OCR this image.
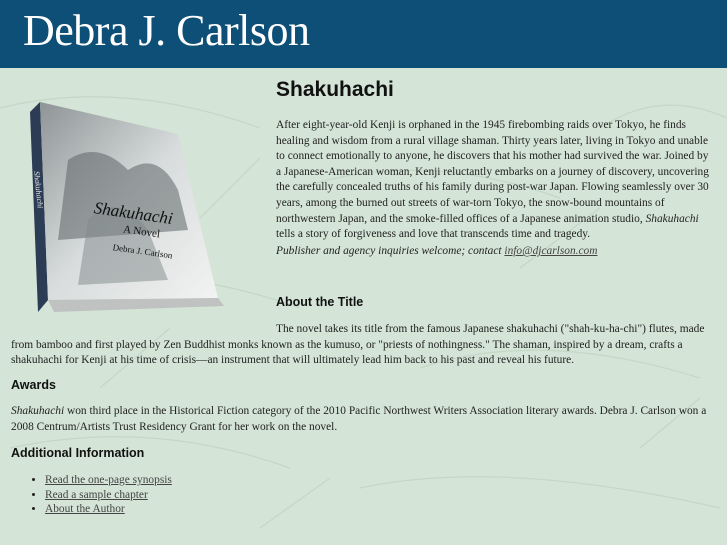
Debra J. Carlson
Shakuhachi
A Novel
Debra J. Carlson
Shakuhachi
Shakuhachi

After eight-year-old Kenji is orphaned in the 1945 firebombing raids over Tokyo, he finds healing and wisdom from a rural village shaman. Thirty years later, living in Tokyo and unable to connect emotionally to anyone, he discovers that his mother had survived the war. Joined by a Japanese-American woman, Kenji reluctantly embarks on a journey of discovery, uncovering the carefully concealed truths of his family during post-war Japan. Flowing seamlessly over 30 years, among the burned out streets of war-torn Tokyo, the snow-bound mountains of northwestern Japan, and the smoke-filled offices of a Japanese animation studio, Shakuhachi tells a story of forgiveness and love that transcends time and tragedy.

Publisher and agency inquiries welcome; contact info@djcarlson.com

About the Title

The novel takes its title from the famous Japanese shakuhachi ("shah-ku-ha-chi") flutes, made from bamboo and first played by Zen Buddhist monks known as the kumuso, or "priests of nothingness." The shaman, inspired by a dream, crafts a shakuhachi for Kenji at his time of crisis—an instrument that will ultimately lead him back to his past and reveal his future.

Awards

Shakuhachi won third place in the Historical Fiction category of the 2010 Pacific Northwest Writers Association literary awards. Debra J. Carlson won a 2008 Centrum/Artists Trust Residency Grant for her work on the novel.

Additional Information
• Read the one-page synopsis
• Read a sample chapter
• About the Author
